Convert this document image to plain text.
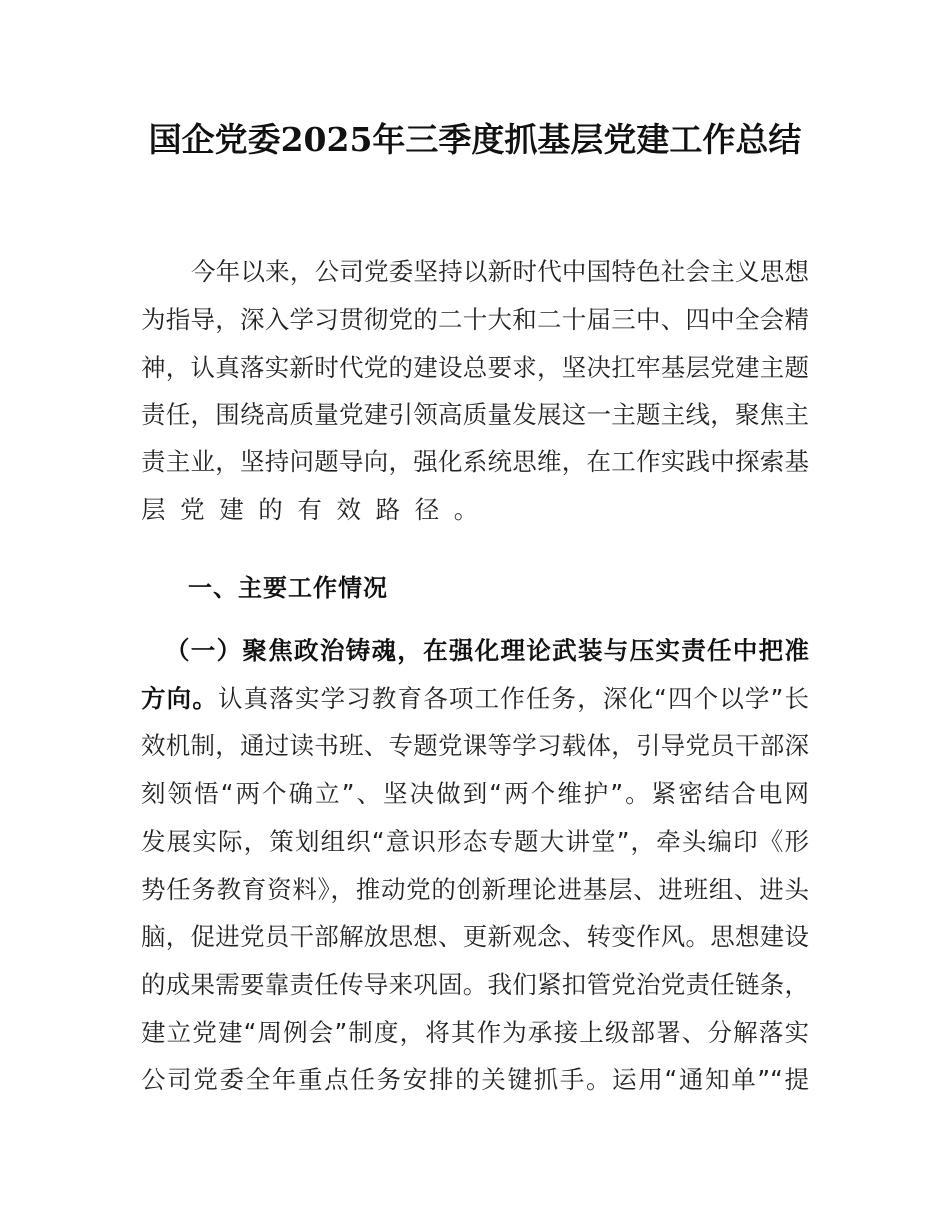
国企党委2025年三季度抓基层党建工作总结
今年以来，公司党委坚持以新时代中国特色社会主义思想
为指导，深入学习贯彻党的二十大和二十届三中、四中全会精
神，认真落实新时代党的建设总要求，坚决扛牢基层党建主题
责任，围绕高质量党建引领高质量发展这一主题主线，聚焦主
责主业，坚持问题导向，强化系统思维，在工作实践中探索基
层党建的有效路径。
一、主要工作情况
（一）聚焦政治铸魂，在强化理论武装与压实责任中把准
方向。认真落实学习教育各项工作任务，深化“四个以学”长
效机制，通过读书班、专题党课等学习载体，引导党员干部深
刻领悟“两个确立”、坚决做到“两个维护”。紧密结合电网
发展实际，策划组织“意识形态专题大讲堂”，牵头编印《形
势任务教育资料》，推动党的创新理论进基层、进班组、进头
脑，促进党员干部解放思想、更新观念、转变作风。思想建设
的成果需要靠责任传导来巩固。我们紧扣管党治党责任链条，
建立党建“周例会”制度，将其作为承接上级部署、分解落实
公司党委全年重点任务安排的关键抓手。运用“通知单”“提
